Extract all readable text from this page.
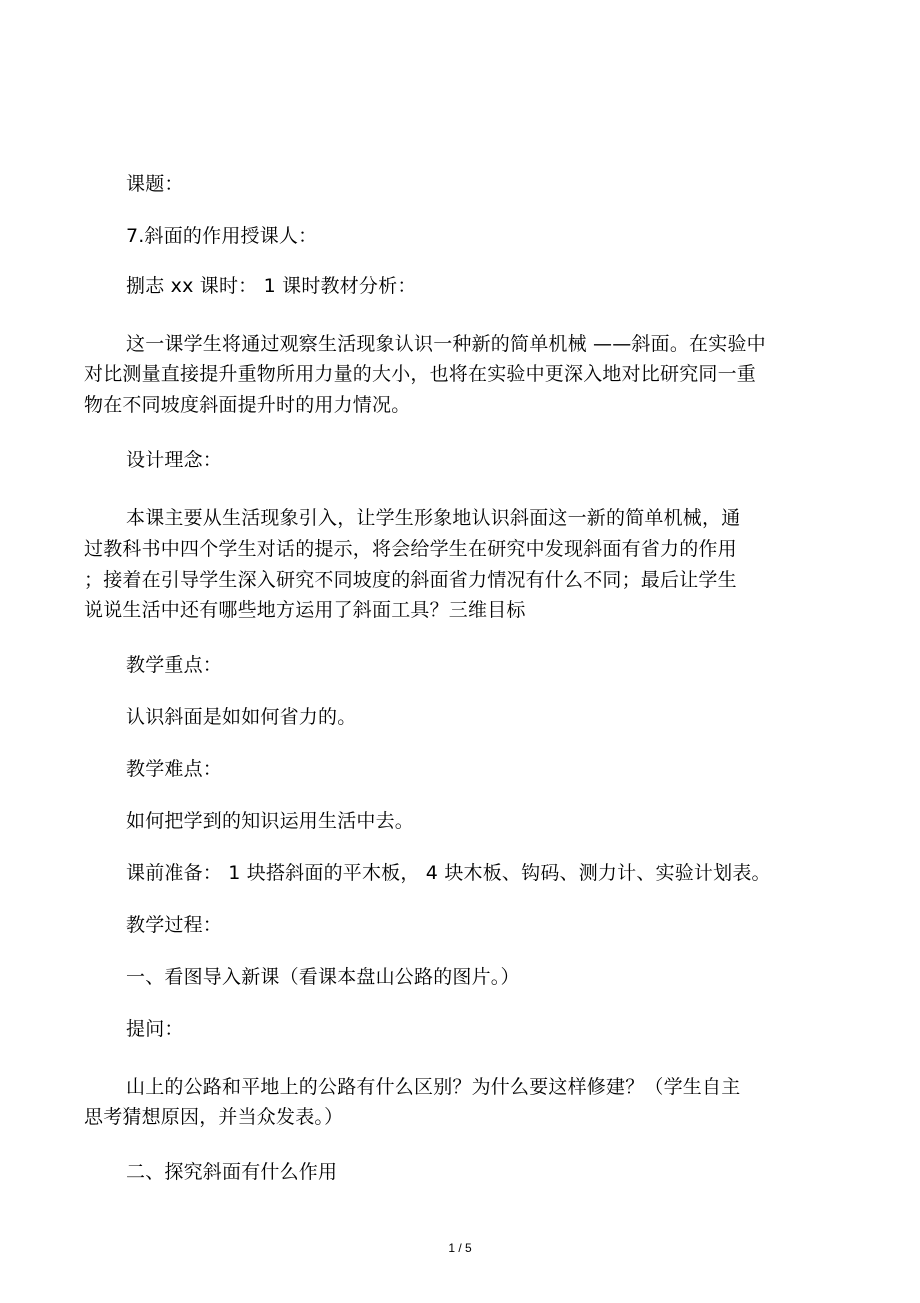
课题：
7.斜面的作用授课人：
捌志 xx 课时： 1 课时教材分析：
这一课学生将通过观察生活现象认识一种新的简单机械 ——斜面。在实验中
对比测量直接提升重物所用力量的大小，也将在实验中更深入地对比研究同一重
物在不同坡度斜面提升时的用力情况。
设计理念：
本课主要从生活现象引入，让学生形象地认识斜面这一新的简单机械，通
过教科书中四个学生对话的提示，将会给学生在研究中发现斜面有省力的作用
；接着在引导学生深入研究不同坡度的斜面省力情况有什么不同；最后让学生
说说生活中还有哪些地方运用了斜面工具？三维目标
教学重点：
认识斜面是如如何省力的。
教学难点：
如何把学到的知识运用生活中去。
课前准备： 1 块搭斜面的平木板， 4 块木板、钩码、测力计、实验计划表。
教学过程：
一、看图导入新课（看课本盘山公路的图片。）
提问：
山上的公路和平地上的公路有什么区别？为什么要这样修建？（学生自主
思考猜想原因，并当众发表。）
二、探究斜面有什么作用
1 / 5
